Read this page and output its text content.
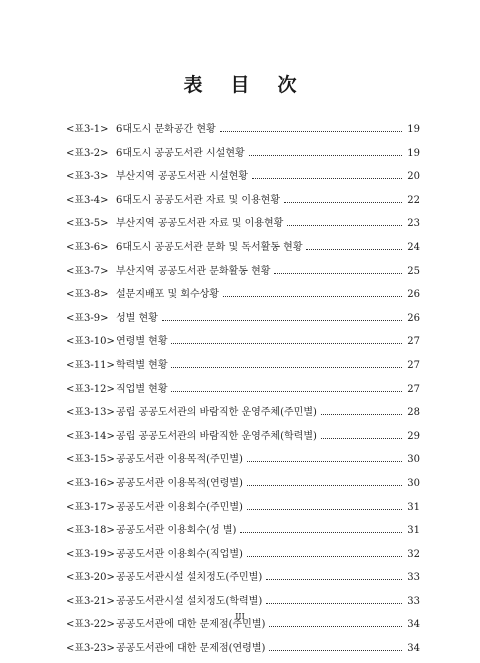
表 目 次
<표3-1> 6대도시 문화공간 현황	19
<표3-2> 6대도시 공공도서관 시설현황	19
<표3-3> 부산지역 공공도서관 시설현황	20
<표3-4> 6대도시 공공도서관 자료 및 이용현황	22
<표3-5> 부산지역 공공도서관 자료 및 이용현황	23
<표3-6> 6대도시 공공도서관 문화 및 독서활동 현황	24
<표3-7> 부산지역 공공도서관 문화활동 현황	25
<표3-8> 설문지배포 및 회수상황	26
<표3-9> 성별 현황	26
<표3-10> 연령별 현황	27
<표3-11> 학력별 현황	27
<표3-12> 직업별 현황	27
<표3-13> 공립 공공도서관의 바람직한 운영주체(주민별)	28
<표3-14> 공립 공공도서관의 바람직한 운영주체(학력별)	29
<표3-15> 공공도서관 이용목적(주민별)	30
<표3-16> 공공도서관 이용목적(연령별)	30
<표3-17> 공공도서관 이용회수(주민별)	31
<표3-18> 공공도서관 이용회수(성 별)	31
<표3-19> 공공도서관 이용회수(직업별)	32
<표3-20> 공공도서관시설 설치정도(주민별)	33
<표3-21> 공공도서관시설 설치정도(학력별)	33
<표3-22> 공공도서관에 대한 문제점(주민별)	34
<표3-23> 공공도서관에 대한 문제점(연령별)	34
III
